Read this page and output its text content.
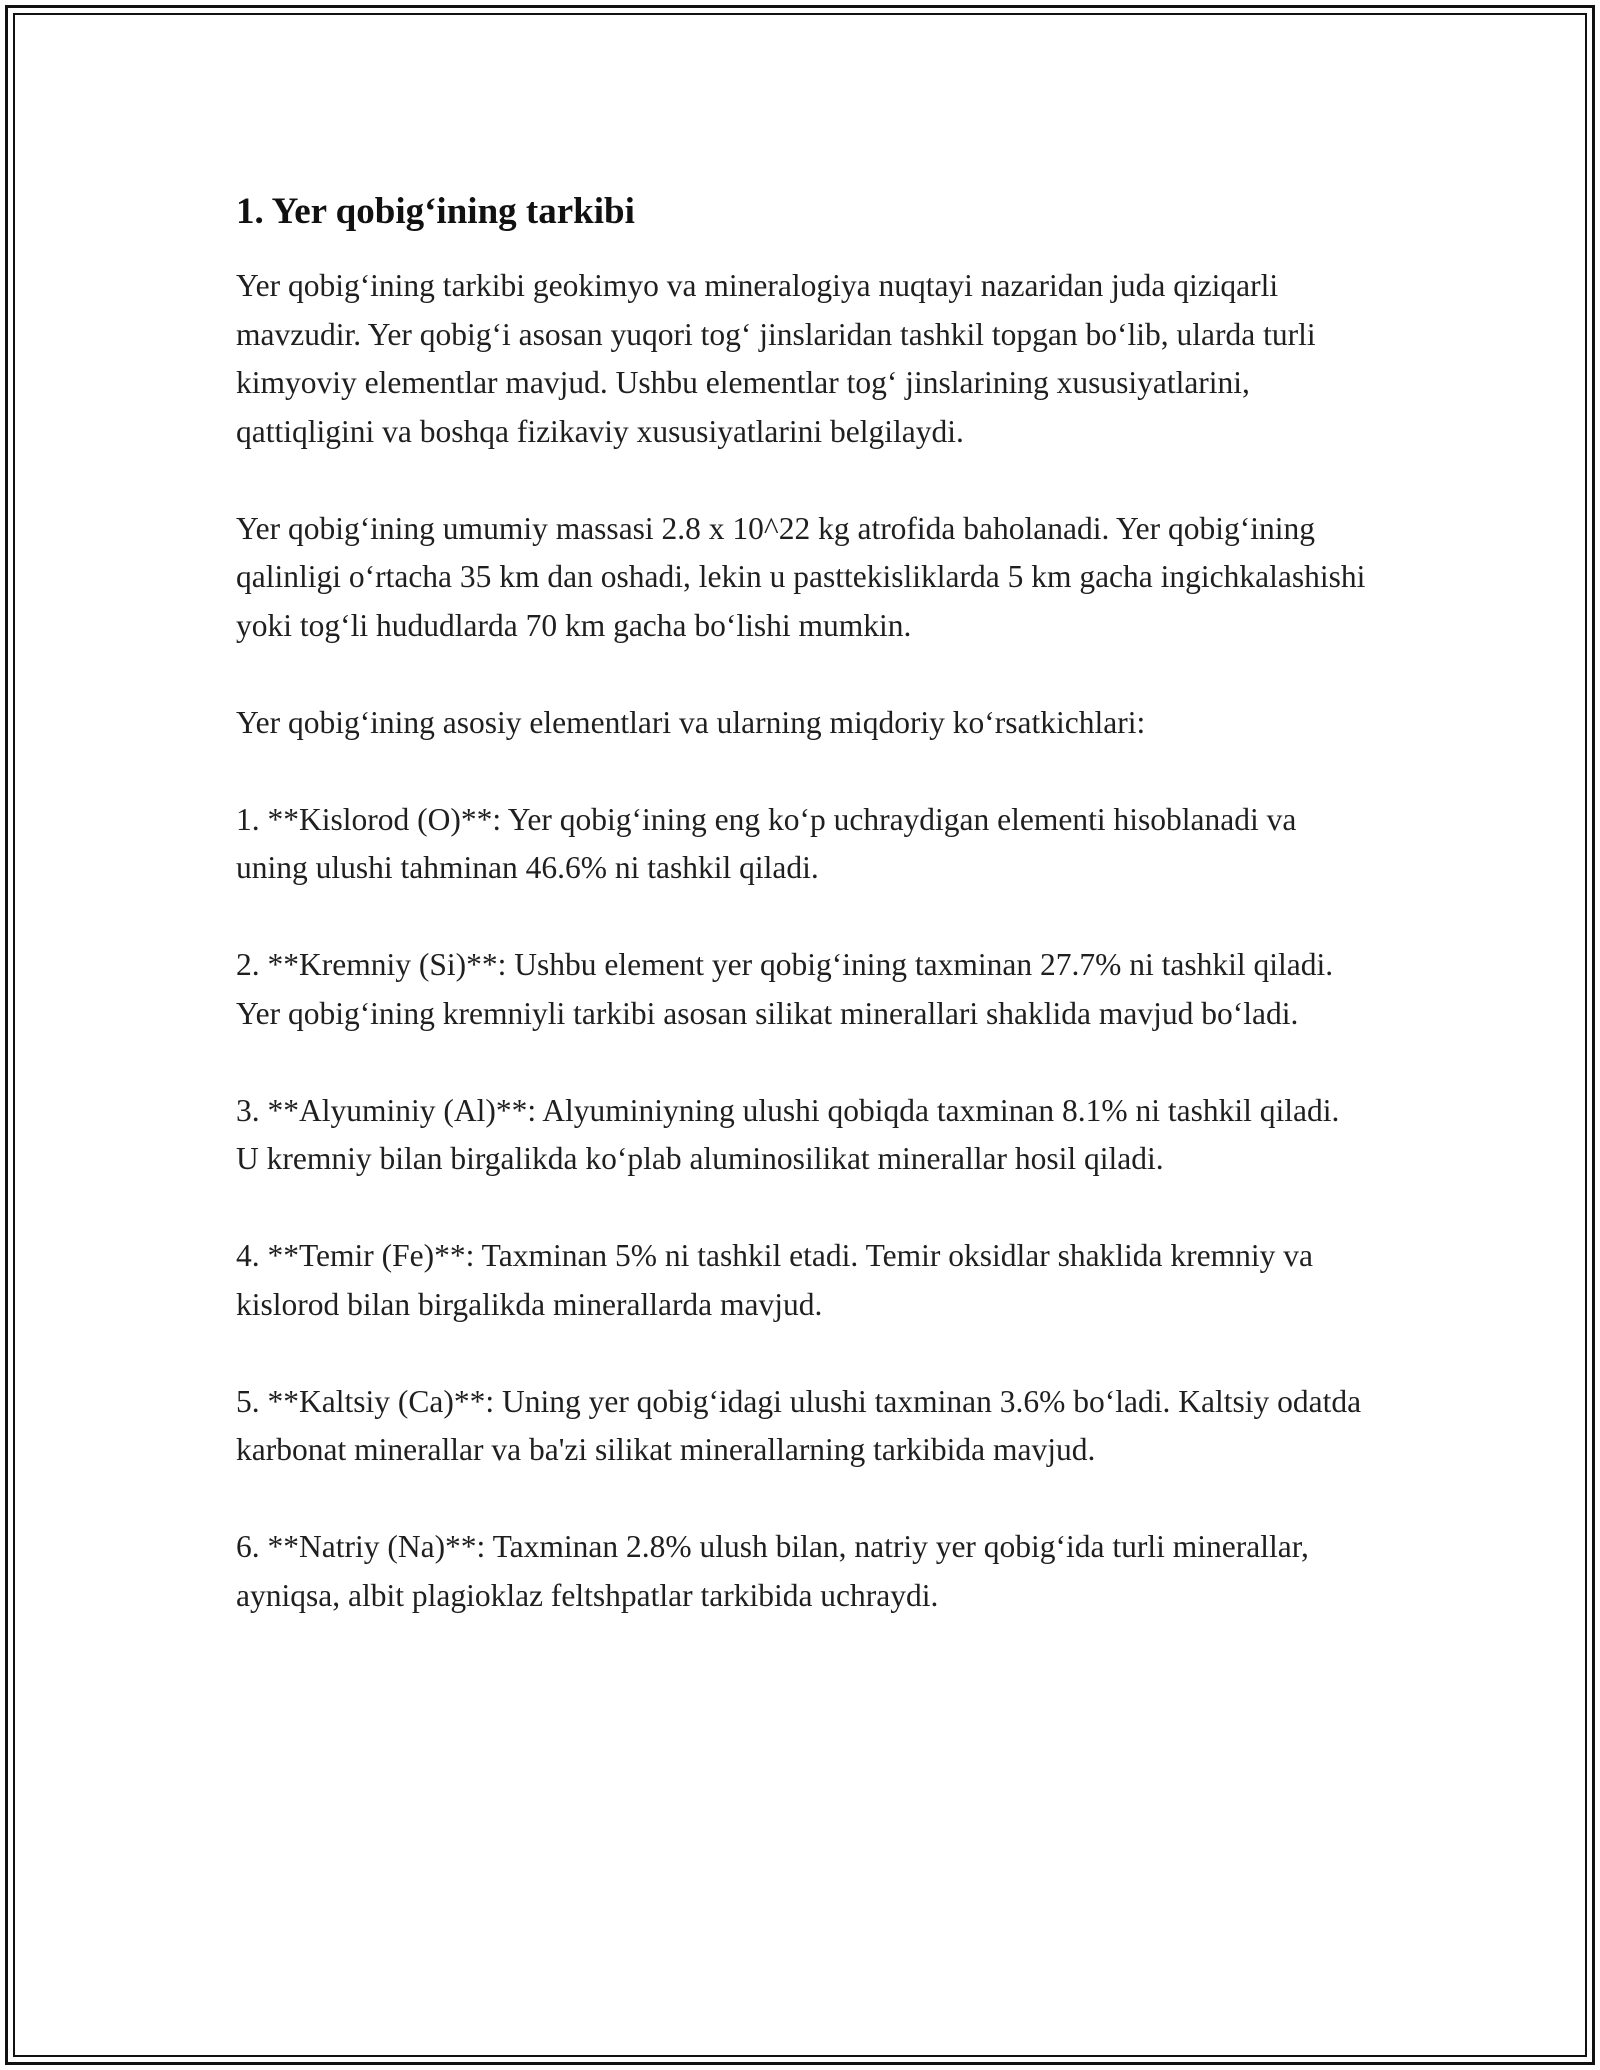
1. Yer qobig‘ining tarkibi

Yer qobig‘ining tarkibi geokimyo va mineralogiya nuqtayi nazaridan juda qiziqarli mavzudir. Yer qobig‘i asosan yuqori tog‘ jinslaridan tashkil topgan bo‘lib, ularda turli kimyoviy elementlar mavjud. Ushbu elementlar tog‘ jinslarining xususiyatlarini, qattiqligini va boshqa fizikaviy xususiyatlarini belgilaydi.

Yer qobig‘ining umumiy massasi 2.8 x 10^22 kg atrofida baholanadi. Yer qobig‘ining qalinligi o‘rtacha 35 km dan oshadi, lekin u pasttekisliklarda 5 km gacha ingichkalashishi yoki tog‘li hududlarda 70 km gacha bo‘lishi mumkin.

Yer qobig‘ining asosiy elementlari va ularning miqdoriy ko‘rsatkichlari:

1. **Kislorod (O)**: Yer qobig‘ining eng ko‘p uchraydigan elementi hisoblanadi va uning ulushi tahminan 46.6% ni tashkil qiladi.

2. **Kremniy (Si)**: Ushbu element yer qobig‘ining taxminan 27.7% ni tashkil qiladi. Yer qobig‘ining kremniyli tarkibi asosan silikat minerallari shaklida mavjud bo‘ladi.

3. **Alyuminiy (Al)**: Alyuminiyning ulushi qobiqda taxminan 8.1% ni tashkil qiladi. U kremniy bilan birgalikda ko‘plab aluminosilikat minerallar hosil qiladi.

4. **Temir (Fe)**: Taxminan 5% ni tashkil etadi. Temir oksidlar shaklida kremniy va kislorod bilan birgalikda minerallarda mavjud.

5. **Kaltsiy (Ca)**: Uning yer qobig‘idagi ulushi taxminan 3.6% bo‘ladi. Kaltsiy odatda karbonat minerallar va ba'zi silikat minerallarning tarkibida mavjud.

6. **Natriy (Na)**: Taxminan 2.8% ulush bilan, natriy yer qobig‘ida turli minerallar, ayniqsa, albit plagioklaz feltshpatlar tarkibida uchraydi.
